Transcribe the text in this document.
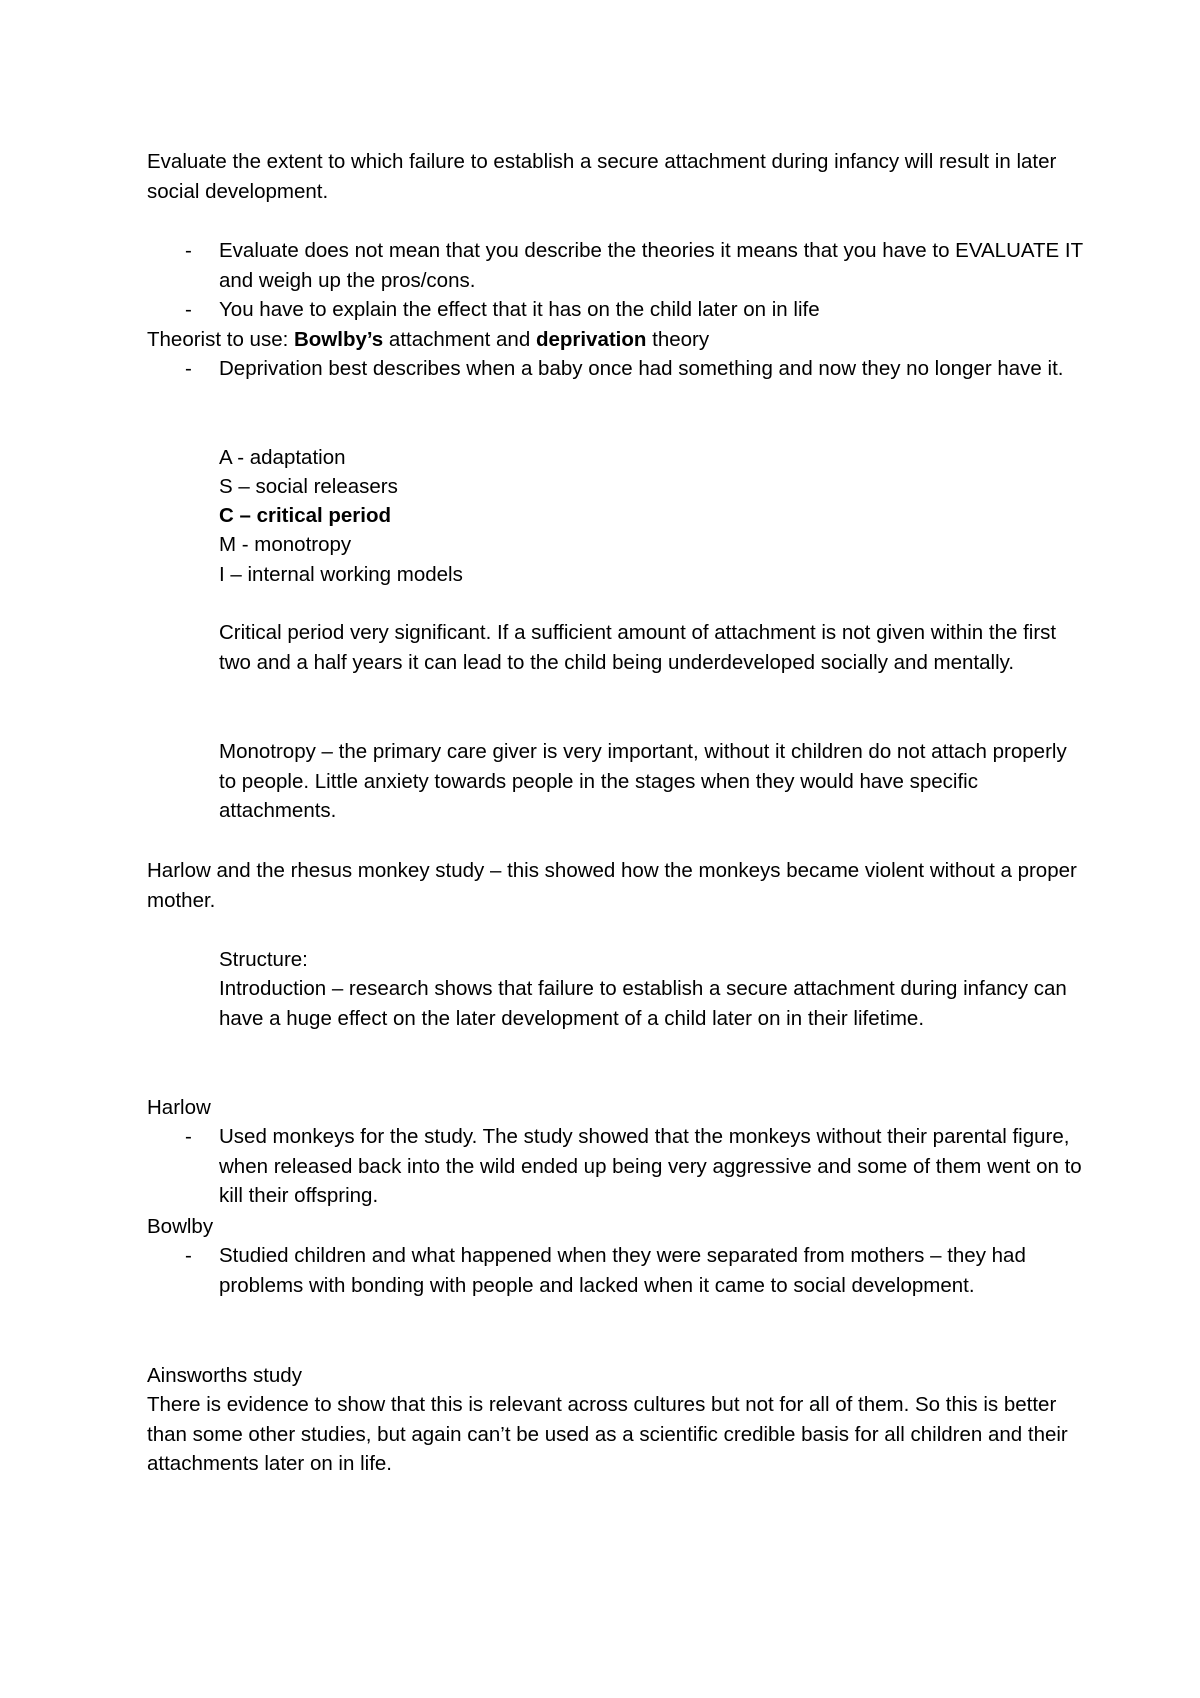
Evaluate the extent to which failure to establish a secure attachment during infancy will result in later social development.

- Evaluate does not mean that you describe the theories it means that you have to EVALUATE IT and weigh up the pros/cons.
- You have to explain the effect that it has on the child later on in life

Theorist to use: Bowlby’s attachment and deprivation theory

- Deprivation best describes when a baby once had something and now they no longer have it.

A - adaptation

S – social releasers

C – critical period

M - monotropy

I – internal working models

Critical period very significant. If a sufficient amount of attachment is not given within the first two and a half years it can lead to the child being underdeveloped socially and mentally.

Monotropy – the primary care giver is very important, without it children do not attach properly to people. Little anxiety towards people in the stages when they would have specific attachments.

Harlow and the rhesus monkey study – this showed how the monkeys became violent without a proper mother.

Structure:

Introduction – research shows that failure to establish a secure attachment during infancy can have a huge effect on the later development of a child later on in their lifetime.

Harlow

- Used monkeys for the study. The study showed that the monkeys without their parental figure, when released back into the wild ended up being very aggressive and some of them went on to kill their offspring.

Bowlby

- Studied children and what happened when they were separated from mothers – they had problems with bonding with people and lacked when it came to social development.

Ainsworths study

There is evidence to show that this is relevant across cultures but not for all of them. So this is better than some other studies, but again can’t be used as a scientific credible basis for all children and their attachments later on in life.
